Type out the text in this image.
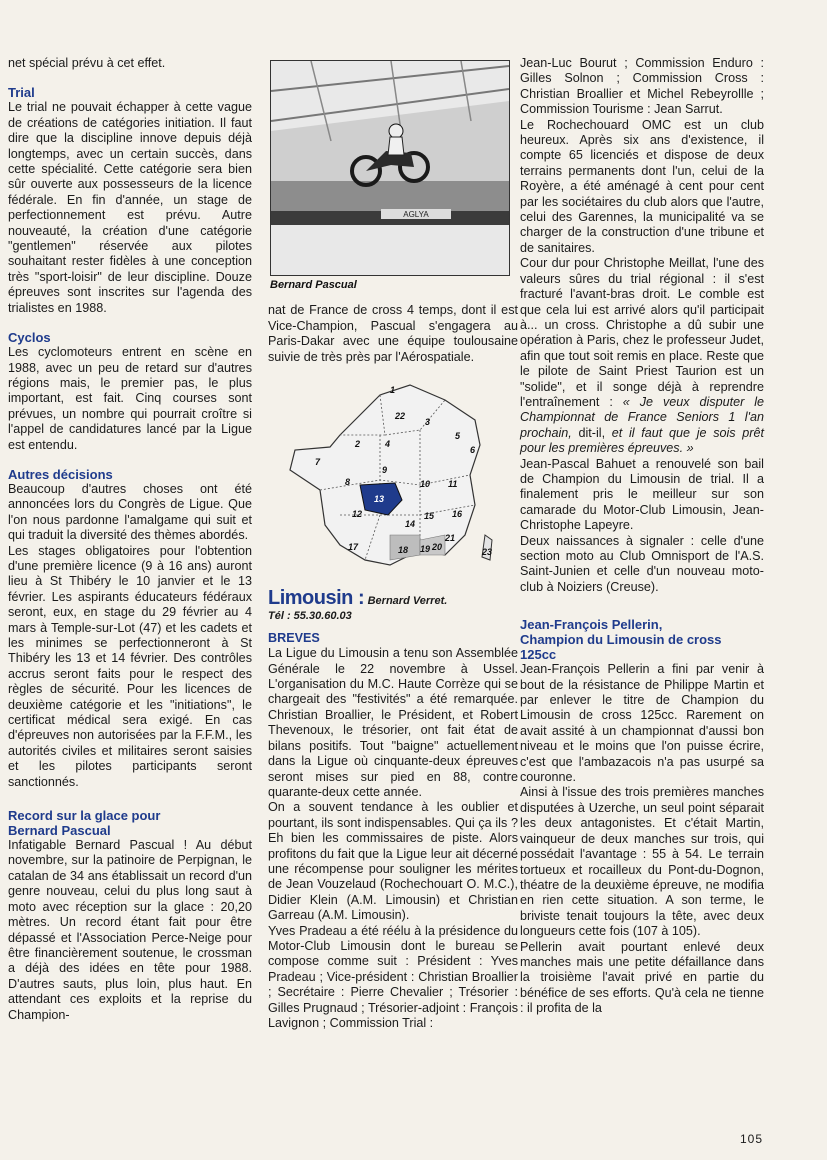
net spécial prévu à cet effet.

Trial

Le trial ne pouvait échapper à cette vague de créations de catégories initiation. Il faut dire que la discipline innove depuis déjà longtemps, avec un certain succès, dans cette spécialité. Cette catégorie sera bien sûr ouverte aux possesseurs de la licence fédérale. En fin d'année, un stage de perfectionnement est prévu. Autre nouveauté, la création d'une catégorie "gentlemen" réservée aux pilotes souhaitant rester fidèles à une conception très "sport-loisir" de leur discipline. Douze épreuves sont inscrites sur l'agenda des trialistes en 1988.

Cyclos

Les cyclomoteurs entrent en scène en 1988, avec un peu de retard sur d'autres régions mais, le premier pas, le plus important, est fait. Cinq courses sont prévues, un nombre qui pourrait croître si l'appel de candidatures lancé par la Ligue est entendu.

Autres décisions

Beaucoup d'autres choses ont été annoncées lors du Congrès de Ligue. Que l'on nous pardonne l'amalgame qui suit et qui traduit la diversité des thèmes abordés.

Les stages obligatoires pour l'obtention d'une première licence (9 à 16 ans) auront lieu à St Thibéry le 10 janvier et le 13 février. Les aspirants éducateurs fédéraux seront, eux, en stage du 29 février au 4 mars à Temple-sur-Lot (47) et les cadets et les minimes se perfectionneront à St Thibéry les 13 et 14 février. Des contrôles accrus seront faits pour le respect des règles de sécurité. Pour les licences de deuxième catégorie et les "initiations", le certificat médical sera exigé. En cas d'épreuves non autorisées par la F.F.M., les autorités civiles et militaires seront saisies et les pilotes participants seront sanctionnés.

Record sur la glace pour
Bernard Pascual

Infatigable Bernard Pascual ! Au début novembre, sur la patinoire de Perpignan, le catalan de 34 ans établissait un record d'un genre nouveau, celui du plus long saut à moto avec réception sur la glace : 20,20 mètres. Un record étant fait pour être dépassé et l'Association Perce-Neige pour être financièrement soutenue, le crossman a déjà des idées en tête pour 1988. D'autres sauts, plus loin, plus haut. En attendant ces exploits et la reprise du Champion-

AGLYA
Bernard Pascual

nat de France de cross 4 temps, dont il est Vice-Champion, Pascual s'engagera au Paris-Dakar avec une équipe toulousaine suivie de très près par l'Aérospatiale.

1
22
3
2	4
5
6
7
8
9
10 11
12
14
15 16
13
17	18 19 20
21
23
Limousin : Bernard Verret.
Tél : 55.30.60.03
BREVES

La Ligue du Limousin a tenu son Assemblée Générale le 22 novembre à Ussel. L'organisation du M.C. Haute Corrèze qui se chargeait des "festivités" a été remarquée. Christian Broallier, le Président, et Robert Thevenoux, le trésorier, ont fait état de bilans positifs. Tout "baigne" actuellement dans la Ligue où cinquante-deux épreuves seront mises sur pied en 88, contre quarante-deux cette année.

On a souvent tendance à les oublier et pourtant, ils sont indispensables. Qui ça ils ? Eh bien les commissaires de piste. Alors profitons du fait que la Ligue leur ait décerné une récompense pour souligner les mérites de Jean Vouzelaud (Rochechouart O. M.C.), Didier Klein (A.M. Limousin) et Christian Garreau (A.M. Limousin).

Yves Pradeau a été réélu à la présidence du Motor-Club Limousin dont le bureau se compose comme suit : Président : Yves Pradeau ; Vice-président : Christian Broallier ; Secrétaire : Pierre Chevalier ; Trésorier : Gilles Prugnaud ; Trésorier-adjoint : François Lavignon ; Commission Trial :

Jean-Luc Bourut ; Commission Enduro : Gilles Solnon ; Commission Cross : Christian Broallier et Michel Rebeyrollle ; Commission Tourisme : Jean Sarrut.

Le Rochechouard OMC est un club heureux. Après six ans d'existence, il compte 65 licenciés et dispose de deux terrains permanents dont l'un, celui de la Royère, a été aménagé à cent pour cent par les sociétaires du club alors que l'autre, celui des Garennes, la municipalité va se charger de la construction d'une tribune et de sanitaires.

Cour dur pour Christophe Meillat, l'une des valeurs sûres du trial régional : il s'est fracturé l'avant-bras droit. Le comble est que cela lui est arrivé alors qu'il participait à... un cross. Christophe a dû subir une opération à Paris, chez le professeur Judet, afin que tout soit remis en place. Reste que le pilote de Saint Priest Taurion est un "solide", et il songe déjà à reprendre l'entraînement : « Je veux disputer le Championnat de France Seniors 1 l'an prochain, dit-il, et il faut que je sois prêt pour les premières épreuves. »

Jean-Pascal Bahuet a renouvelé son bail de Champion du Limousin de trial. Il a finalement pris le meilleur sur son camarade du Motor-Club Limousin, Jean-Christophe Lapeyre.

Deux naissances à signaler : celle d'une section moto au Club Omnisport de l'A.S. Saint-Junien et celle d'un nouveau moto-club à Noiziers (Creuse).

Jean-François Pellerin,
Champion du Limousin de cross
125cc

Jean-François Pellerin a fini par venir à bout de la résistance de Philippe Martin et par enlever le titre de Champion du Limousin de cross 125cc. Rarement on avait assité à un championnat d'aussi bon niveau et le moins que l'on puisse écrire, c'est que l'ambazacois n'a pas usurpé sa couronne.

Ainsi à l'issue des trois premières manches disputées à Uzerche, un seul point séparait les deux antagonistes. Et c'était Martin, vainqueur de deux manches sur trois, qui possédait l'avantage : 55 à 54. Le terrain tortueux et rocailleux du Pont-du-Dognon, théatre de la deuxième épreuve, ne modifia en rien cette situation. A son terme, le briviste tenait toujours la tête, avec deux longueurs cette fois (107 à 105).

Pellerin avait pourtant enlevé deux manches mais une petite défaillance dans la troisième l'avait privé en partie du bénéfice de ses efforts. Qu'à cela ne tienne : il profita de la

105
